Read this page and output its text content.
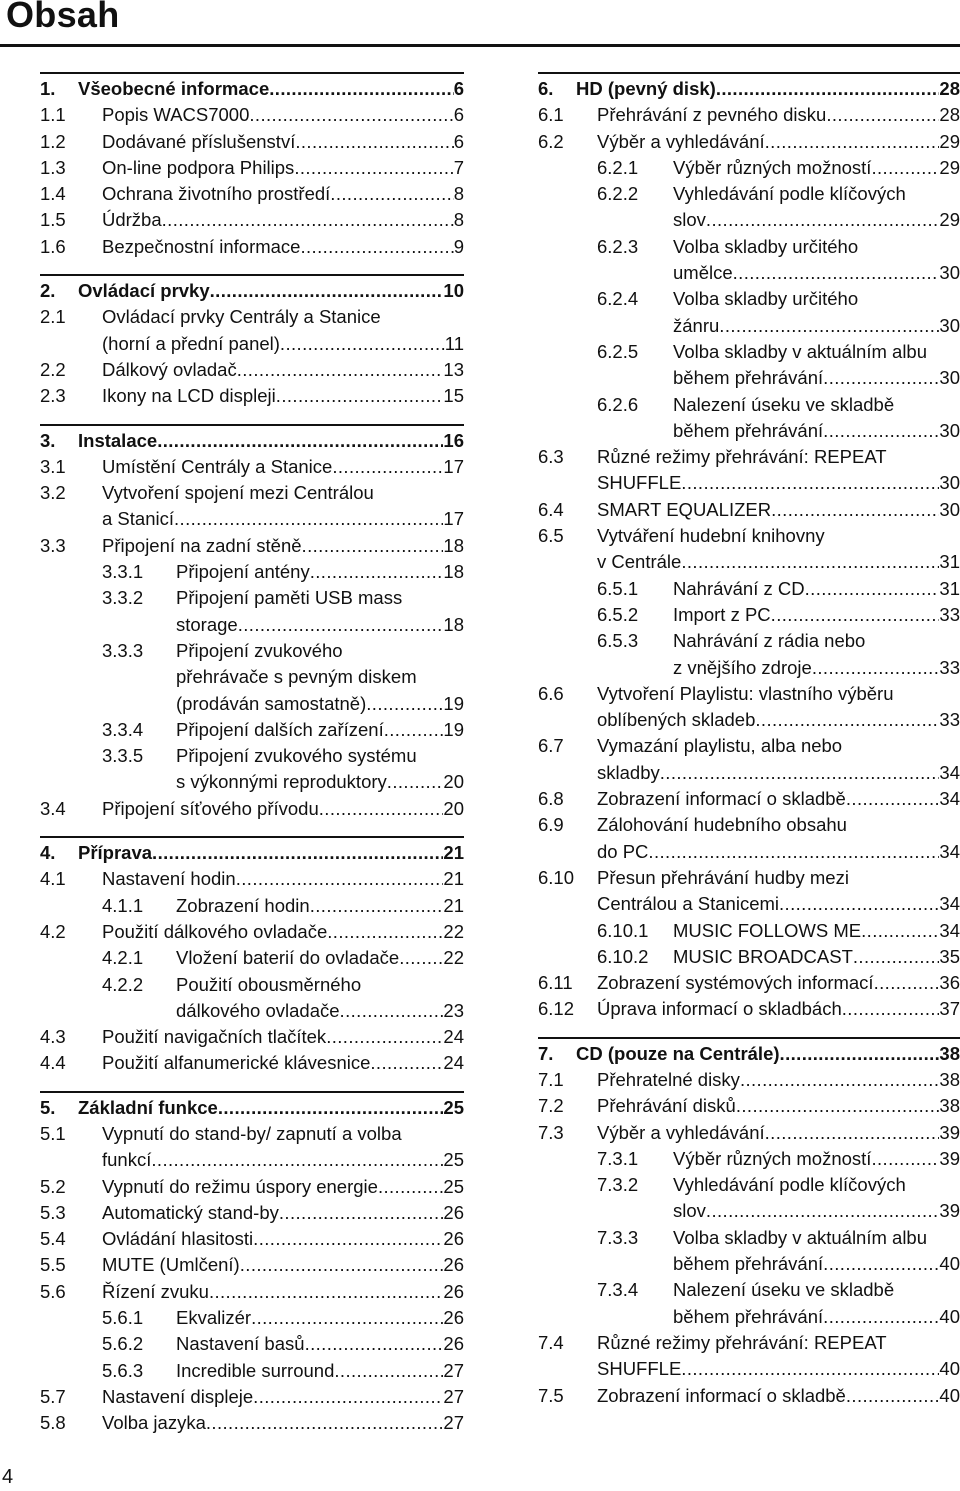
Obsah
1.	Všeobecné informace .....	6
1.1	Popis WACS7000 .....	6
1.2	Dodávané příslušenství .....	6
1.3	On-line podpora Philips .....	7
1.4	Ochrana životního prostředí .....	8
1.5	Údržba .....	8
1.6	Bezpečnostní informace .....	9
2.	Ovládací prvky .....	10
2.1	Ovládací prvky Centrály a Stanice
(horní a přední panel) .....	11
2.2	Dálkový ovladač .....	13
2.3	Ikony na LCD displeji .....	15
3.	Instalace .....	16
3.1	Umístění Centrály a Stanice .....	17
3.2	Vytvoření spojení mezi Centrálou
a Stanicí .....	17
3.3	Připojení na zadní stěně .....	18
3.3.1	Připojení antény .....	18
3.3.2	Připojení paměti USB mass
storage .....	18
3.3.3	Připojení zvukového
přehrávače s pevným diskem
(prodáván samostatně) .....	19
3.3.4	Připojení dalších zařízení .....	19
3.3.5	Připojení zvukového systému
s výkonnými reproduktory .....	20
3.4	Připojení síťového přívodu .....	20
4.	Příprava .....	21
4.1	Nastavení hodin .....	21
4.1.1	Zobrazení hodin .....	21
4.2	Použití dálkového ovladače .....	22
4.2.1	Vložení baterií do ovladače ..... 22
4.2.2	Použití obousměrného
dálkového ovladače .....	23
4.3	Použití navigačních tlačítek .....	24
4.4	Použití alfanumerické klávesnice .....	24
5.	Základní funkce .....	25
5.1	Vypnutí do stand-by/ zapnutí a volba
funkcí .....	25
5.2	Vypnutí do režimu úspory energie .....	25
5.3	Automatický stand-by .....	26
5.4	Ovládání hlasitosti .....	26
5.5	MUTE (Umlčení) .....	26
5.6	Řízení zvuku .....	26
5.6.1	Ekvalizér .....	26
5.6.2	Nastavení basů .....	26
5.6.3	Incredible surround .....	27
5.7	Nastavení displeje .....	27
5.8	Volba jazyka .....	27
6.	HD (pevný disk) .....	28
6.1	Přehrávání z pevného disku .....	28
6.2	Výběr a vyhledávání .....	29
6.2.1	Výběr různých možností .....	29
6.2.2	Vyhledávání podle klíčových
slov .....	29
6.2.3	Volba skladby určitého
umělce .....	30
6.2.4	Volba skladby určitého
žánru .....	30
6.2.5	Volba skladby v aktuálním albu
během přehrávání .....	30
6.2.6	Nalezení úseku ve skladbě
během přehrávání .....	30
6.3	Různé režimy přehrávání: REPEAT
SHUFFLE .....	30
6.4	SMART EQUALIZER .....	30
6.5	Vytváření hudební knihovny
v Centrále .....	31
6.5.1	Nahrávání z CD .....	31
6.5.2	Import z PC .....	33
6.5.3	Nahrávání z rádia nebo
z vnějšího zdroje .....	33
6.6	Vytvoření Playlistu: vlastního výběru
oblíbených skladeb .....	33
6.7	Vymazání playlistu, alba nebo
skladby .....	34
6.8	Zobrazení informací o skladbě .....	34
6.9	Zálohování hudebního obsahu
do PC .....	34
6.10	Přesun přehrávání hudby mezi
Centrálou a Stanicemi .....	34
6.10.1	MUSIC FOLLOWS ME .....	34
6.10.2	MUSIC BROADCAST .....	35
6.11	Zobrazení systémových informací .....	36
6.12	Úprava informací o skladbách .....	37
7.	CD (pouze na Centrále) .....	38
7.1	Přehratelné disky .....	38
7.2	Přehrávání disků .....	38
7.3	Výběr a vyhledávání .....	39
7.3.1	Výběr různých možností .....	39
7.3.2	Vyhledávání podle klíčových
slov .....	39
7.3.3	Volba skladby v aktuálním albu
během přehrávání .....	40
7.3.4	Nalezení úseku ve skladbě
během přehrávání .....	40
7.4	Různé režimy přehrávání: REPEAT
SHUFFLE .....	40
7.5	Zobrazení informací o skladbě .....	40
4
